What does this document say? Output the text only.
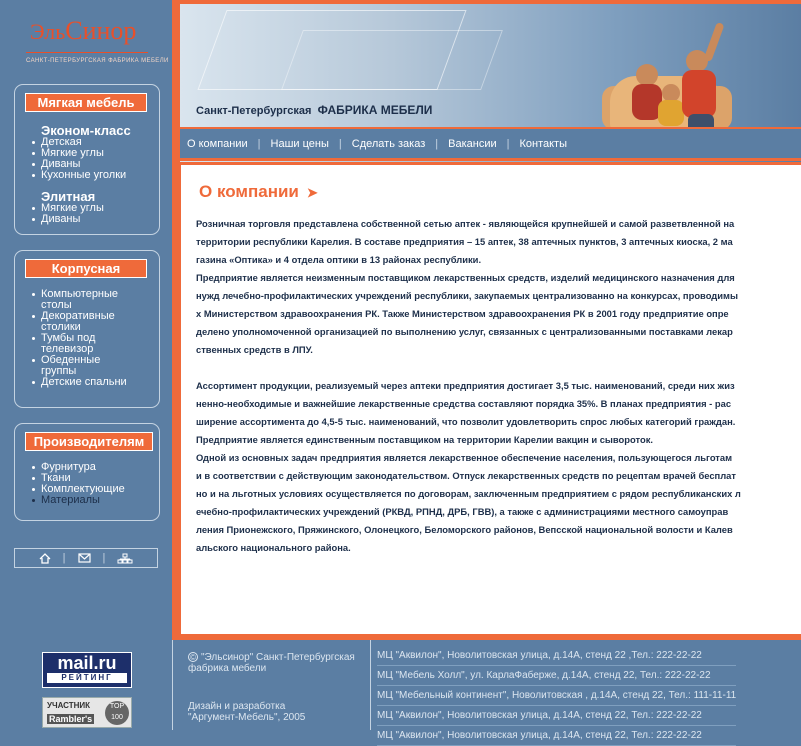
ЭльСинор
САНКТ-ПЕТЕРБУРГСКАЯ ФАБРИКА МЕБЕЛИ
Мягкая мебель
Эконом-класс
Детская
Мягкие углы
Диваны
Кухонные уголки
Элитная
Мягкие углы
Диваны
Корпусная
Компьютерные столы
Декоративные столики
Тумбы под телевизор
Обеденные группы
Детские спальни
Производителям
Фурнитура
Ткани
Комплектующие
Материалы
|	|
Санкт-Петербургская ФАБРИКА МЕБЕЛИ
О компании | Наши цены | Сделать заказ | Вакансии | Контакты
О компании ➤

Розничная торговля представлена собственной сетью аптек - являющейся крупнейшей и самой разветвленной на

территории республики Карелия. В составе предприятия – 15 аптек, 38 аптечных пунктов, 3 аптечных киоска, 2 ма

газина «Оптика» и 4 отдела оптики в 13 районах республики.

Предприятие является неизменным поставщиком лекарственных средств, изделий медицинского назначения для

нужд лечебно-профилактических учреждений республики, закупаемых централизованно на конкурсах, проводимы

х Министерством здравоохранения РК. Также Министерством здравоохранения РК в 2001 году предприятие опре

делено уполномоченной организацией по выполнению услуг, связанных с централизованными поставками лекар

ственных средств в ЛПУ.

Ассортимент продукции, реализуемый через аптеки предприятия достигает 3,5 тыс. наименований, среди них жиз

ненно-необходимые и важнейшие лекарственные средства составляют порядка 35%. В планах предприятия - рас

ширение ассортимента до 4,5-5 тыс. наименований, что позволит удовлетворить спрос любых категорий граждан.

Предприятие является единственным поставщиком на территории Карелии вакцин и сывороток.

Одной из основных задач предприятия является лекарственное обеспечение населения, пользующегося льготам

и в соответствии с действующим законодательством. Отпуск лекарственных средств по рецептам врачей бесплат

но и на льготных условиях осуществляется по договорам, заключенным предприятием с рядом республиканских л

ечебно-профилактических учреждений (РКВД, РПНД, ДРБ, ГВВ), а также с администрациями местного самоуправ

ления Прионежского, Пряжинского, Олонецкого, Беломорского районов, Вепсской национальной волости и Калев

альского национального района.

mail.ru
РЕЙТИНГ
УЧАСТНИК
Rambler's
TOP 100
© "Эльсинор" Санкт-Петербургская
фабрика мебели
Дизайн и разработка
"Аргумент-Мебель", 2005
МЦ "Аквилон", Новолитовская улица, д.14А, стенд 22 ,Тел.: 222-22-22
МЦ "Мебель Холл", ул. КарлаФаберже, д.14А, стенд 22, Тел.: 222-22-22
МЦ "Мебельный континент", Новолитовская , д.14А, стенд 22, Тел.: 111-11-11
МЦ "Аквилон", Новолитовская улица, д.14А, стенд 22, Тел.: 222-22-22
МЦ "Аквилон", Новолитовская улица, д.14А, стенд 22, Тел.: 222-22-22
